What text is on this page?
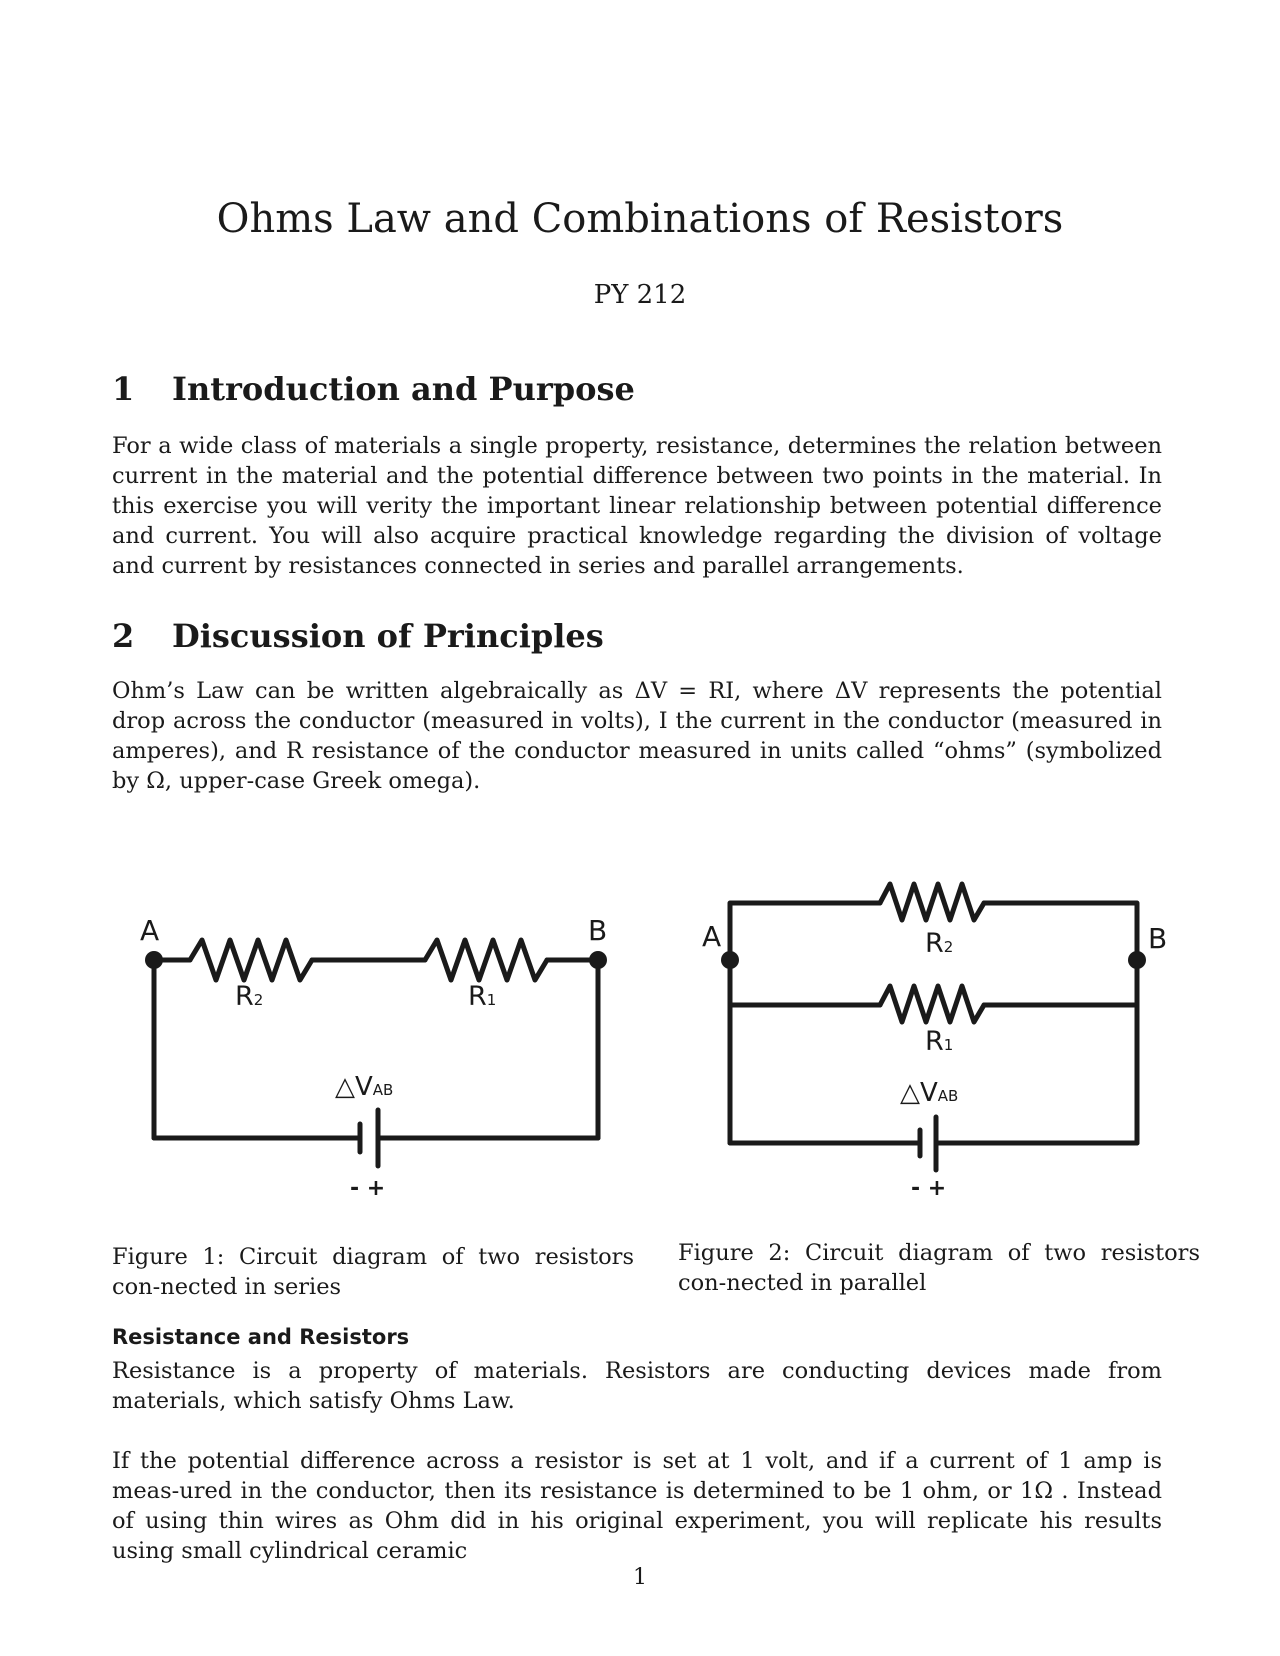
Ohms Law and Combinations of Resistors
PY 212
1 Introduction and Purpose

For a wide class of materials a single property, resistance, determines the relation between current in the material and the potential difference between two points in the material. In this exercise you will verity the important linear relationship between potential difference and current. You will also acquire practical knowledge regarding the division of voltage and current by resistances connected in series and parallel arrangements.

2 Discussion of Principles

Ohm’s Law can be written algebraically as ΔV = RI, where ΔV represents the potential drop across the conductor (measured in volts), I the current in the conductor (measured in amperes), and R resistance of the conductor measured in units called “ohms” (symbolized by Ω, upper-case Greek omega).

A	B
R2	R1
△VAB
- +
A	B
R2
R1
△VAB
- +

Figure 1: Circuit diagram of two resistors con-nected in series

Figure 2: Circuit diagram of two resistors con-nected in parallel

Resistance and Resistors

Resistance is a property of materials. Resistors are conducting devices made from materials, which satisfy Ohms Law.

If the potential difference across a resistor is set at 1 volt, and if a current of 1 amp is meas-ured in the conductor, then its resistance is determined to be 1 ohm, or 1Ω . Instead of using thin wires as Ohm did in his original experiment, you will replicate his results using small cylindrical ceramic

1
